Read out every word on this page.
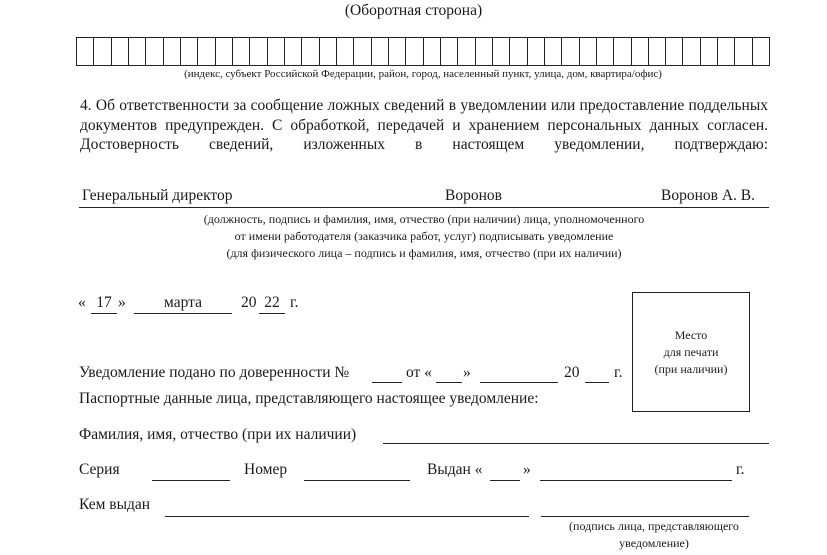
(Оборотная сторона)
(индекс, субъект Российской Федерации, район, город, населенный пункт, улица, дом, квартира/офис)
4. Об ответственности за сообщение ложных сведений в уведомлении или предоставление поддельных документов предупрежден. С обработкой, передачей и хранением персональных данных согласен. Достоверность сведений, изложенных в настоящем уведомлении, подтверждаю:
Генеральный директор	Воронов	Воронов А. В.
(должность, подпись и фамилия, имя, отчество (при наличии) лица, уполномоченного
от имени работодателя (заказчика работ, услуг) подписывать уведомление
(для физического лица – подпись и фамилия, имя, отчество (при их наличии)
« 17 »	марта	20 22 г.
Место
для печати
(при наличии)
Уведомление подано по доверенности №	от « »	20 г.
Паспортные данные лица, представляющего настоящее уведомление:
Фамилия, имя, отчество (при их наличии)
Серия	Номер	Выдан «	»	г.
Кем выдан
(подпись лица, представляющего
уведомление)
